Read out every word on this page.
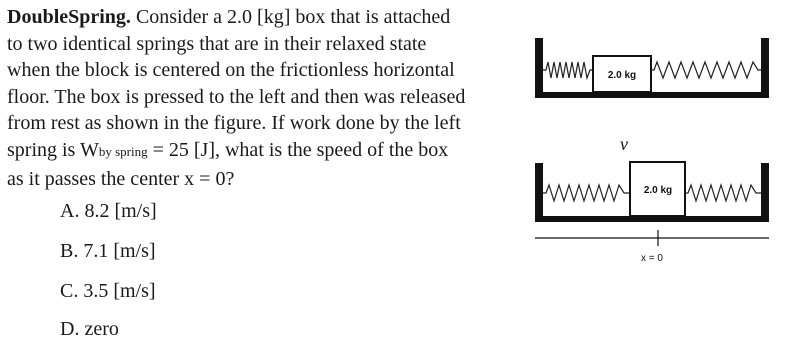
DoubleSpring. Consider a 2.0 [kg] box that is attached
to two identical springs that are in their relaxed state
when the block is centered on the frictionless horizontal
floor. The box is pressed to the left and then was released
from rest as shown in the figure. If work done by the left
spring is Wby spring = 25 [J], what is the speed of the box
as it passes the center x = 0?
A. 8.2 [m/s]
B. 7.1 [m/s]
C. 3.5 [m/s]
D. zero
2.0 kg
v
2.0 kg
x = 0
